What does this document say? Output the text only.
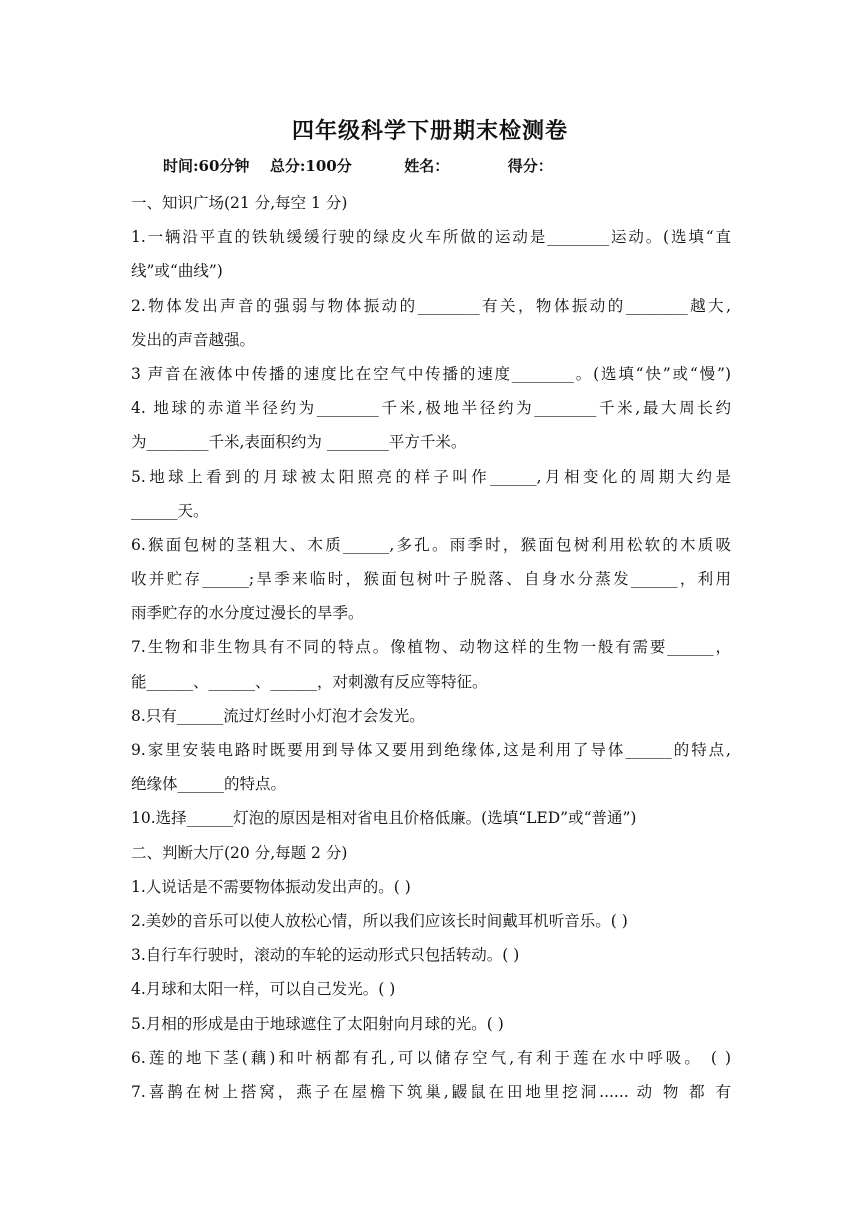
四年级科学下册期末检测卷
时间:60分钟 总分:100分	姓名：	得分：
一、知识广场(21 分,每空 1 分)
1.一辆沿平直的铁轨缓缓行驶的绿皮火车所做的运动是________运动。(选填“直
线”或“曲线”)
2.物体发出声音的强弱与物体振动的________有关，物体振动的________越大,
发出的声音越强。
3 声音在液体中传播的速度比在空气中传播的速度________。(选填“快”或“慢”)
4. 地球的赤道半径约为________千米,极地半径约为________千米,最大周长约
为________千米,表面积约为 ________平方千米。
5.地球上看到的月球被太阳照亮的样子叫作______,月相变化的周期大约是
______天。
6.猴面包树的茎粗大、木质______,多孔。雨季时，猴面包树利用松软的木质吸
收并贮存______;旱季来临时，猴面包树叶子脱落、自身水分蒸发______，利用
雨季贮存的水分度过漫长的旱季。
7.生物和非生物具有不同的特点。像植物、动物这样的生物一般有需要______，
能______、______、______，对刺激有反应等特征。
8.只有______流过灯丝时小灯泡才会发光。
9.家里安装电路时既要用到导体又要用到绝缘体,这是利用了导体______的特点,
绝缘体______的特点。
10.选择______灯泡的原因是相对省电且价格低廉。(选填“LED”或“普通”)
二、判断大厅(20 分,每题 2 分)
1.人说话是不需要物体振动发出声的。( )
2.美妙的音乐可以使人放松心情，所以我们应该长时间戴耳机听音乐。( )
3.自行车行驶时，滚动的车轮的运动形式只包括转动。( )
4.月球和太阳一样，可以自己发光。( )
5.月相的形成是由于地球遮住了太阳射向月球的光。( )
6.莲的地下茎(藕)和叶柄都有孔,可以储存空气,有利于莲在水中呼吸。 ( )
7.喜鹊在树上搭窝，燕子在屋檐下筑巢,鼹鼠在田地里挖洞...... 动 物 都 有
